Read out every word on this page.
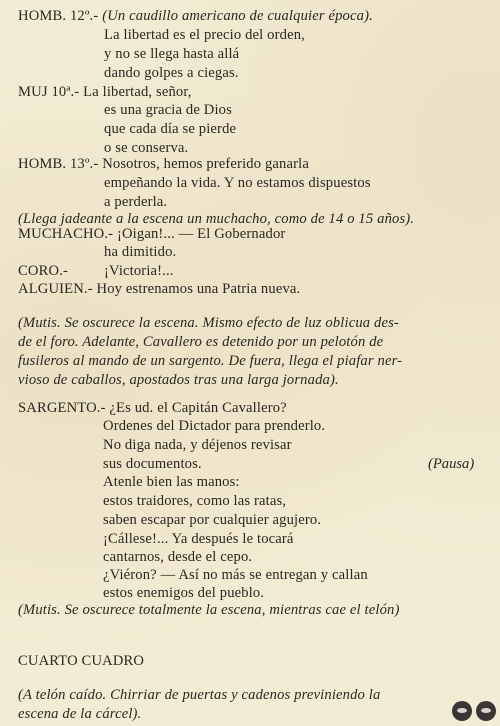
HOMB. 12º.- (Un caudillo americano de cualquier época).
La libertad es el precio del orden,
y no se llega hasta allá
dando golpes a ciegas.
MUJ 10ª.- La libertad, señor,
es una gracia de Dios
que cada día se pierde
o se conserva.
HOMB. 13º.- Nosotros, hemos preferido ganarla
empeñando la vida. Y no estamos dispuestos
a perderla.
(Llega jadeante a la escena un muchacho, como de 14 o 15 años).
MUCHACHO.- ¡Oigan!... — El Gobernador
ha dimitido.
CORO.- ¡Victoria!...
ALGUIEN.- Hoy estrenamos una Patria nueva.
(Mutis. Se oscurece la escena. Mismo efecto de luz oblicua des-
de el foro. Adelante, Cavallero es detenido por un pelotón de
fusileros al mando de un sargento. De fuera, llega el piafar ner-
vioso de caballos, apostados tras una larga jornada).
SARGENTO.- ¿Es ud. el Capitán Cavallero?
Ordenes del Dictador para prenderlo.
No diga nada, y déjenos revisar
sus documentos.	(Pausa)
Atenle bien las manos:
estos traidores, como las ratas,
saben escapar por cualquier agujero.
¡Cállese!... Ya después le tocará
cantarnos, desde el cepo.
¿Viéron? — Así no más se entregan y callan
estos enemigos del pueblo.
(Mutis. Se oscurece totalmente la escena, mientras cae el telón)
CUARTO CUADRO
(A telón caído. Chirriar de puertas y cadenos previniendo la
escena de la cárcel).
